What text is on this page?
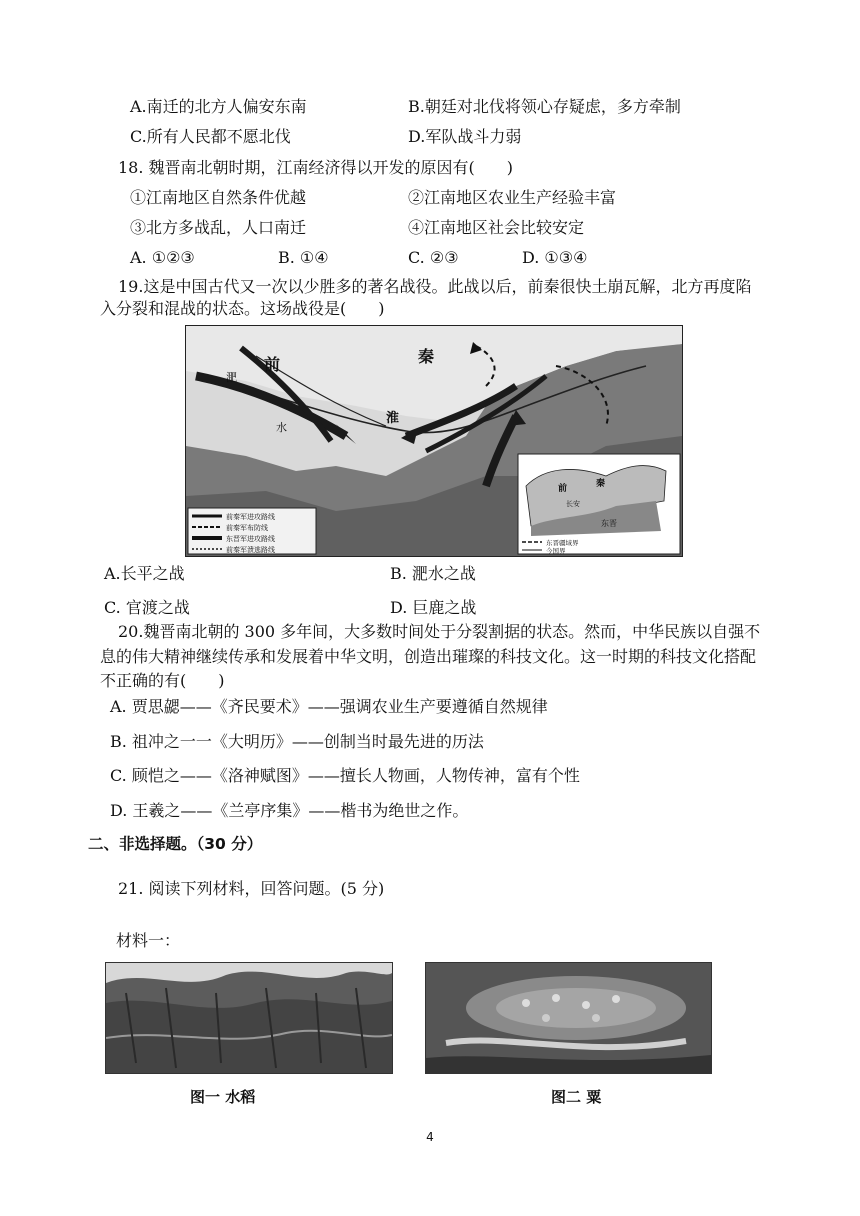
A.南迁的北方人偏安东南	B.朝廷对北伐将领心存疑虑，多方牵制
C.所有人民都不愿北伐	D.军队战斗力弱
18. 魏晋南北朝时期，江南经济得以开发的原因有(　　)
①江南地区自然条件优越	②江南地区农业生产经验丰富
③北方多战乱，人口南迁	④江南地区社会比较安定
A. ①②③	B. ①④	C. ②③	D. ①③④
19.这是中国古代又一次以少胜多的著名战役。此战以后，前秦很快土崩瓦解，北方再度陷
入分裂和混战的状态。这场战役是(　　)
前	秦
淮
淝
水
前秦军进攻路线
前秦军布防线
东晋军进攻路线
前秦军溃逃路线
前	秦
长安
东晋
东晋疆域界
今国界
A.长平之战	B. 淝水之战
C. 官渡之战	D. 巨鹿之战
20.魏晋南北朝的 300 多年间，大多数时间处于分裂割据的状态。然而，中华民族以自强不
息的伟大精神继续传承和发展着中华文明，创造出璀璨的科技文化。这一时期的科技文化搭配
不正确的有(　　)
A. 贾思勰——《齐民要术》——强调农业生产要遵循自然规律
B. 祖冲之一一《大明历》——创制当时最先进的历法
C. 顾恺之——《洛神赋图》——擅长人物画，人物传神，富有个性
D. 王羲之——《兰亭序集》——楷书为绝世之作。
二、非选择题。（30 分）
21. 阅读下列材料，回答问题。(5 分)
材料一：
图一 水稻	图二 粟
4
